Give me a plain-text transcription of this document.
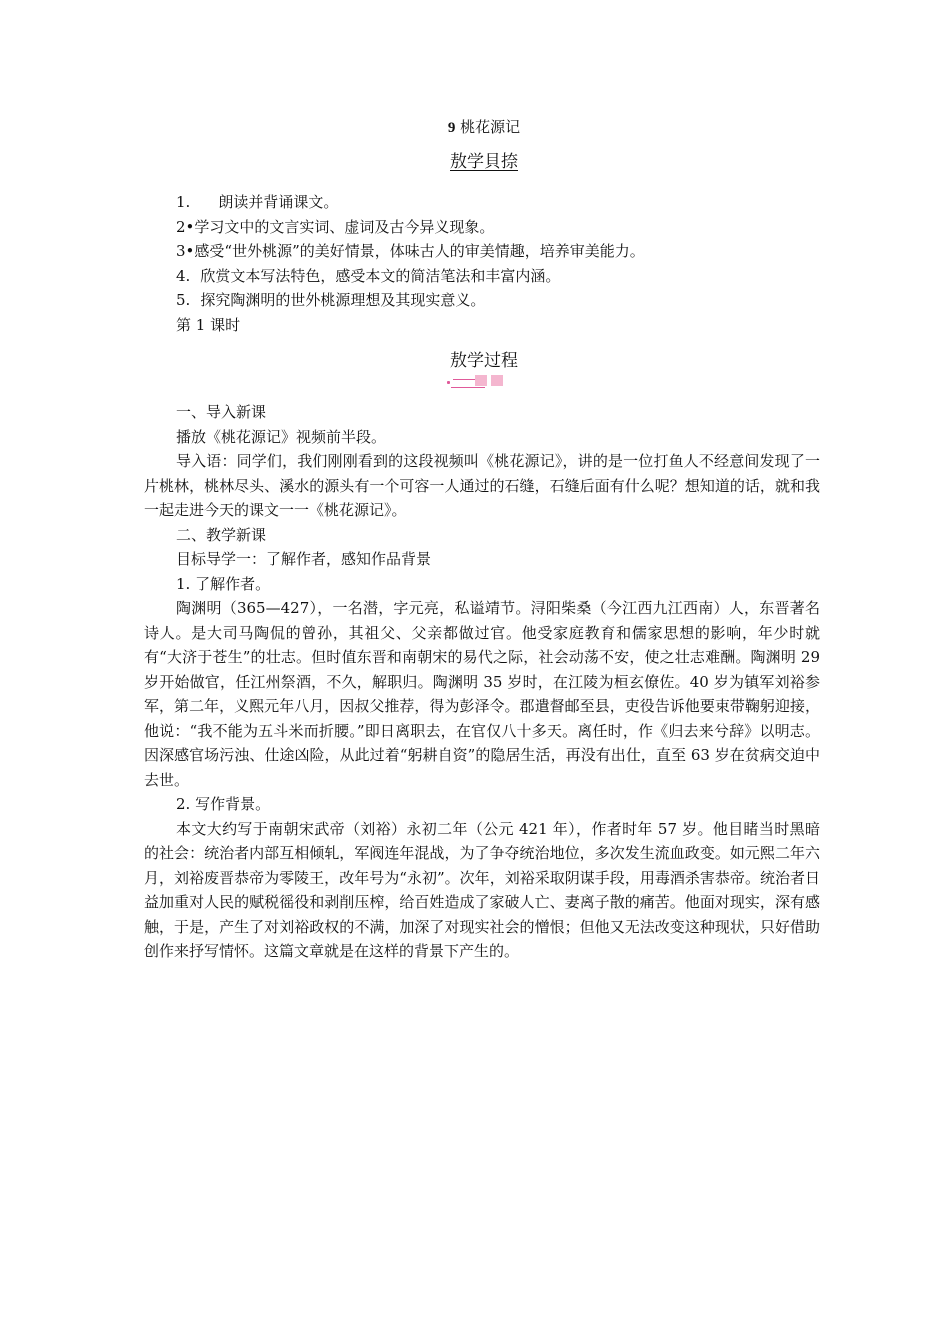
9 桃花源记
敖学貝捺
1. 朗读并背诵课文。
2•学习文中的文言实词、虚词及古今异义现象。
3•感受“世外桃源”的美好情景，体味古人的审美情趣，培养审美能力。
4. 欣赏文本写法特色，感受本文的简洁笔法和丰富内涵。
5. 探究陶渊明的世外桃源理想及其现实意义。
第 1 课时
敖学过程

一、导入新课

播放《桃花源记》视频前半段。

导入语：同学们，我们刚刚看到的这段视频叫《桃花源记》，讲的是一位打鱼人不经意间发现了一片桃林，桃林尽头、溪水的源头有一个可容一人通过的石缝，石缝后面有什么呢？想知道的话，就和我一起走进今天的课文一一《桃花源记》。

二、教学新课

目标导学一：了解作者，感知作品背景

1. 了解作者。

陶渊明（365—427），一名潜，字元亮，私谥靖节。浔阳柴桑（今江西九江西南）人，东晋著名诗人。是大司马陶侃的曾孙，其祖父、父亲都做过官。他受家庭教育和儒家思想的影响，年少时就有“大济于苍生”的壮志。但时值东晋和南朝宋的易代之际，社会动荡不安，使之壮志难酬。陶渊明 29 岁开始做官，任江州祭酒，不久，解职归。陶渊明 35 岁时，在江陵为桓玄僚佐。40 岁为镇军刘裕参军，第二年，义熙元年八月，因叔父推荐，得为彭泽令。郡遣督邮至县，吏役告诉他要束带鞠躬迎接，他说：“我不能为五斗米而折腰。”即日离职去，在官仅八十多天。离任时，作《归去来兮辞》以明志。因深感官场污浊、仕途凶险，从此过着“躬耕自资”的隐居生活，再没有出仕，直至 63 岁在贫病交迫中去世。

2. 写作背景。

本文大约写于南朝宋武帝（刘裕）永初二年（公元 421 年），作者时年 57 岁。他目睹当时黑暗的社会：统治者内部互相倾轧，军阀连年混战，为了争夺统治地位，多次发生流血政变。如元熙二年六月，刘裕废晋恭帝为零陵王，改年号为“永初”。次年，刘裕采取阴谋手段，用毒酒杀害恭帝。统治者日益加重对人民的赋税徭役和剥削压榨，给百姓造成了家破人亡、妻离子散的痛苦。他面对现实，深有感触，于是，产生了对刘裕政权的不满，加深了对现实社会的憎恨；但他又无法改变这种现状，只好借助创作来抒写情怀。这篇文章就是在这样的背景下产生的。
